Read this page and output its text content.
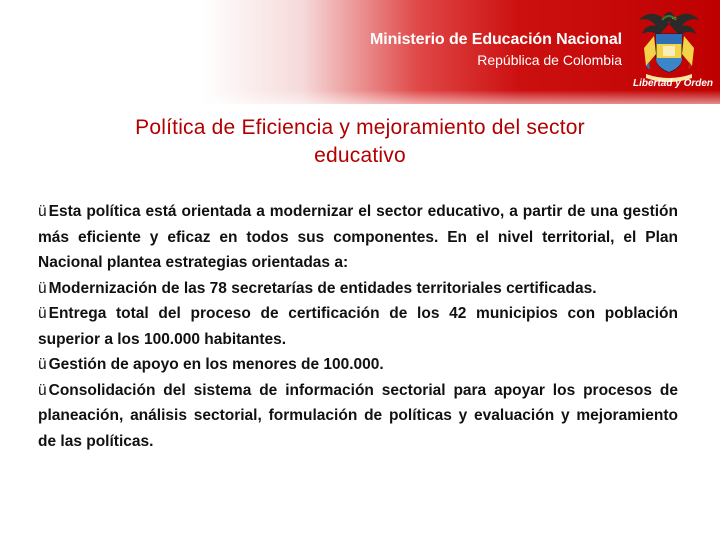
Ministerio de Educación Nacional
República de Colombia
Libertad y Orden
Política de Eficiencia y mejoramiento del sector
educativo

ü Esta política está orientada a modernizar el sector educativo, a partir de una gestión más eficiente y eficaz en todos sus componentes. En el nivel territorial, el Plan Nacional plantea estrategias orientadas a:

ü Modernización de las 78 secretarías de entidades territoriales certificadas.

ü Entrega total del proceso de certificación de los 42 municipios con población superior a los 100.000 habitantes.

ü Gestión de apoyo en los menores de 100.000.

ü Consolidación del sistema de información sectorial para apoyar los procesos de planeación, análisis sectorial, formulación de políticas y evaluación y mejoramiento de las políticas.
